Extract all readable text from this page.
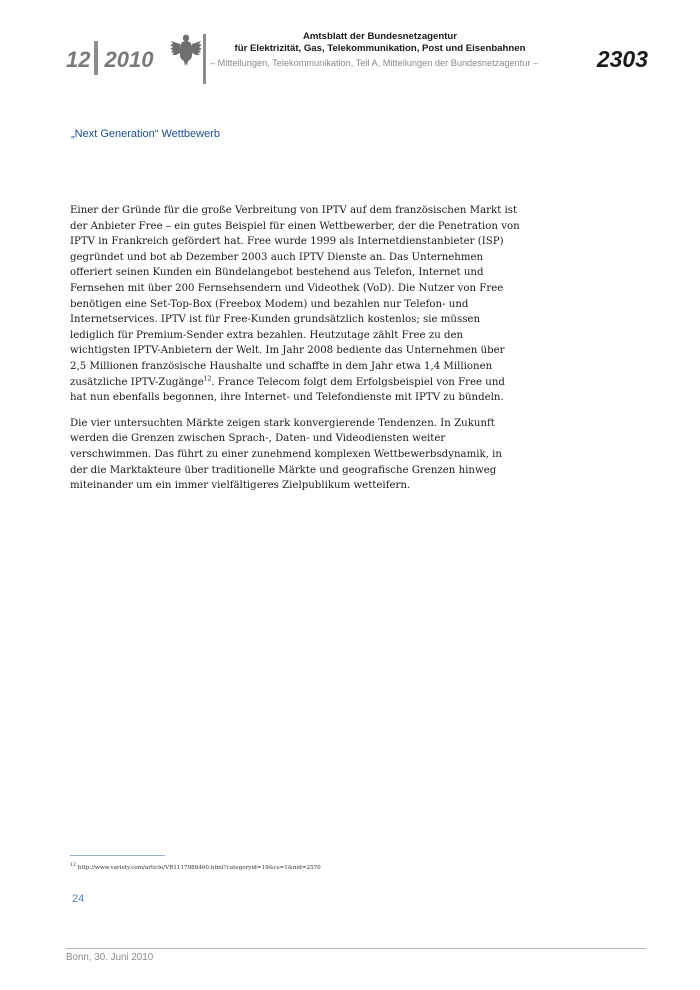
12 2010
Amtsblatt der Bundesnetzagentur
für Elektrizität, Gas, Telekommunikation, Post und Eisenbahnen
– Mitteilungen, Telekommunikation, Teil A, Mitteilungen der Bundesnetzagentur –	2303
„Next Generation“ Wettbewerb

Einer der Gründe für die große Verbreitung von IPTV auf dem französischen Markt ist der Anbieter Free – ein gutes Beispiel für einen Wettbewerber, der die Penetration von IPTV in Frankreich gefördert hat. Free wurde 1999 als Internetdienstanbieter (ISP) gegründet und bot ab Dezember 2003 auch IPTV Dienste an. Das Unternehmen offeriert seinen Kunden ein Bündelangebot bestehend aus Telefon, Internet und Fernsehen mit über 200 Fernsehsendern und Videothek (VoD). Die Nutzer von Free benötigen eine Set-Top-Box (Freebox Modem) und bezahlen nur Telefon- und Internetservices. IPTV ist für Free-Kunden grundsätzlich kostenlos; sie müssen lediglich für Premium-Sender extra bezahlen. Heutzutage zählt Free zu den wichtigsten IPTV-Anbietern der Welt. Im Jahr 2008 bediente das Unternehmen über 2,5 Millionen französische Haushalte und schaffte in dem Jahr etwa 1,4 Millionen zusätzliche IPTV-Zugänge$^{12}$. France Telecom folgt dem Erfolgsbeispiel von Free und hat nun ebenfalls begonnen, ihre Internet- und Telefondienste mit IPTV zu bündeln.

Die vier untersuchten Märkte zeigen stark konvergierende Tendenzen. In Zukunft werden die Grenzen zwischen Sprach-, Daten- und Videodiensten weiter verschwimmen. Das führt zu einer zunehmend komplexen Wettbewerbsdynamik, in der die Marktakteure über traditionelle Märkte und geografische Grenzen hinweg miteinander um ein immer vielfältigeres Zielpublikum wetteifern.

$^{12}$ http://www.variety.com/article/VR1117988460.html?categoryid=19&cs=1&nid=2570
24
Bonn, 30. Juni 2010
